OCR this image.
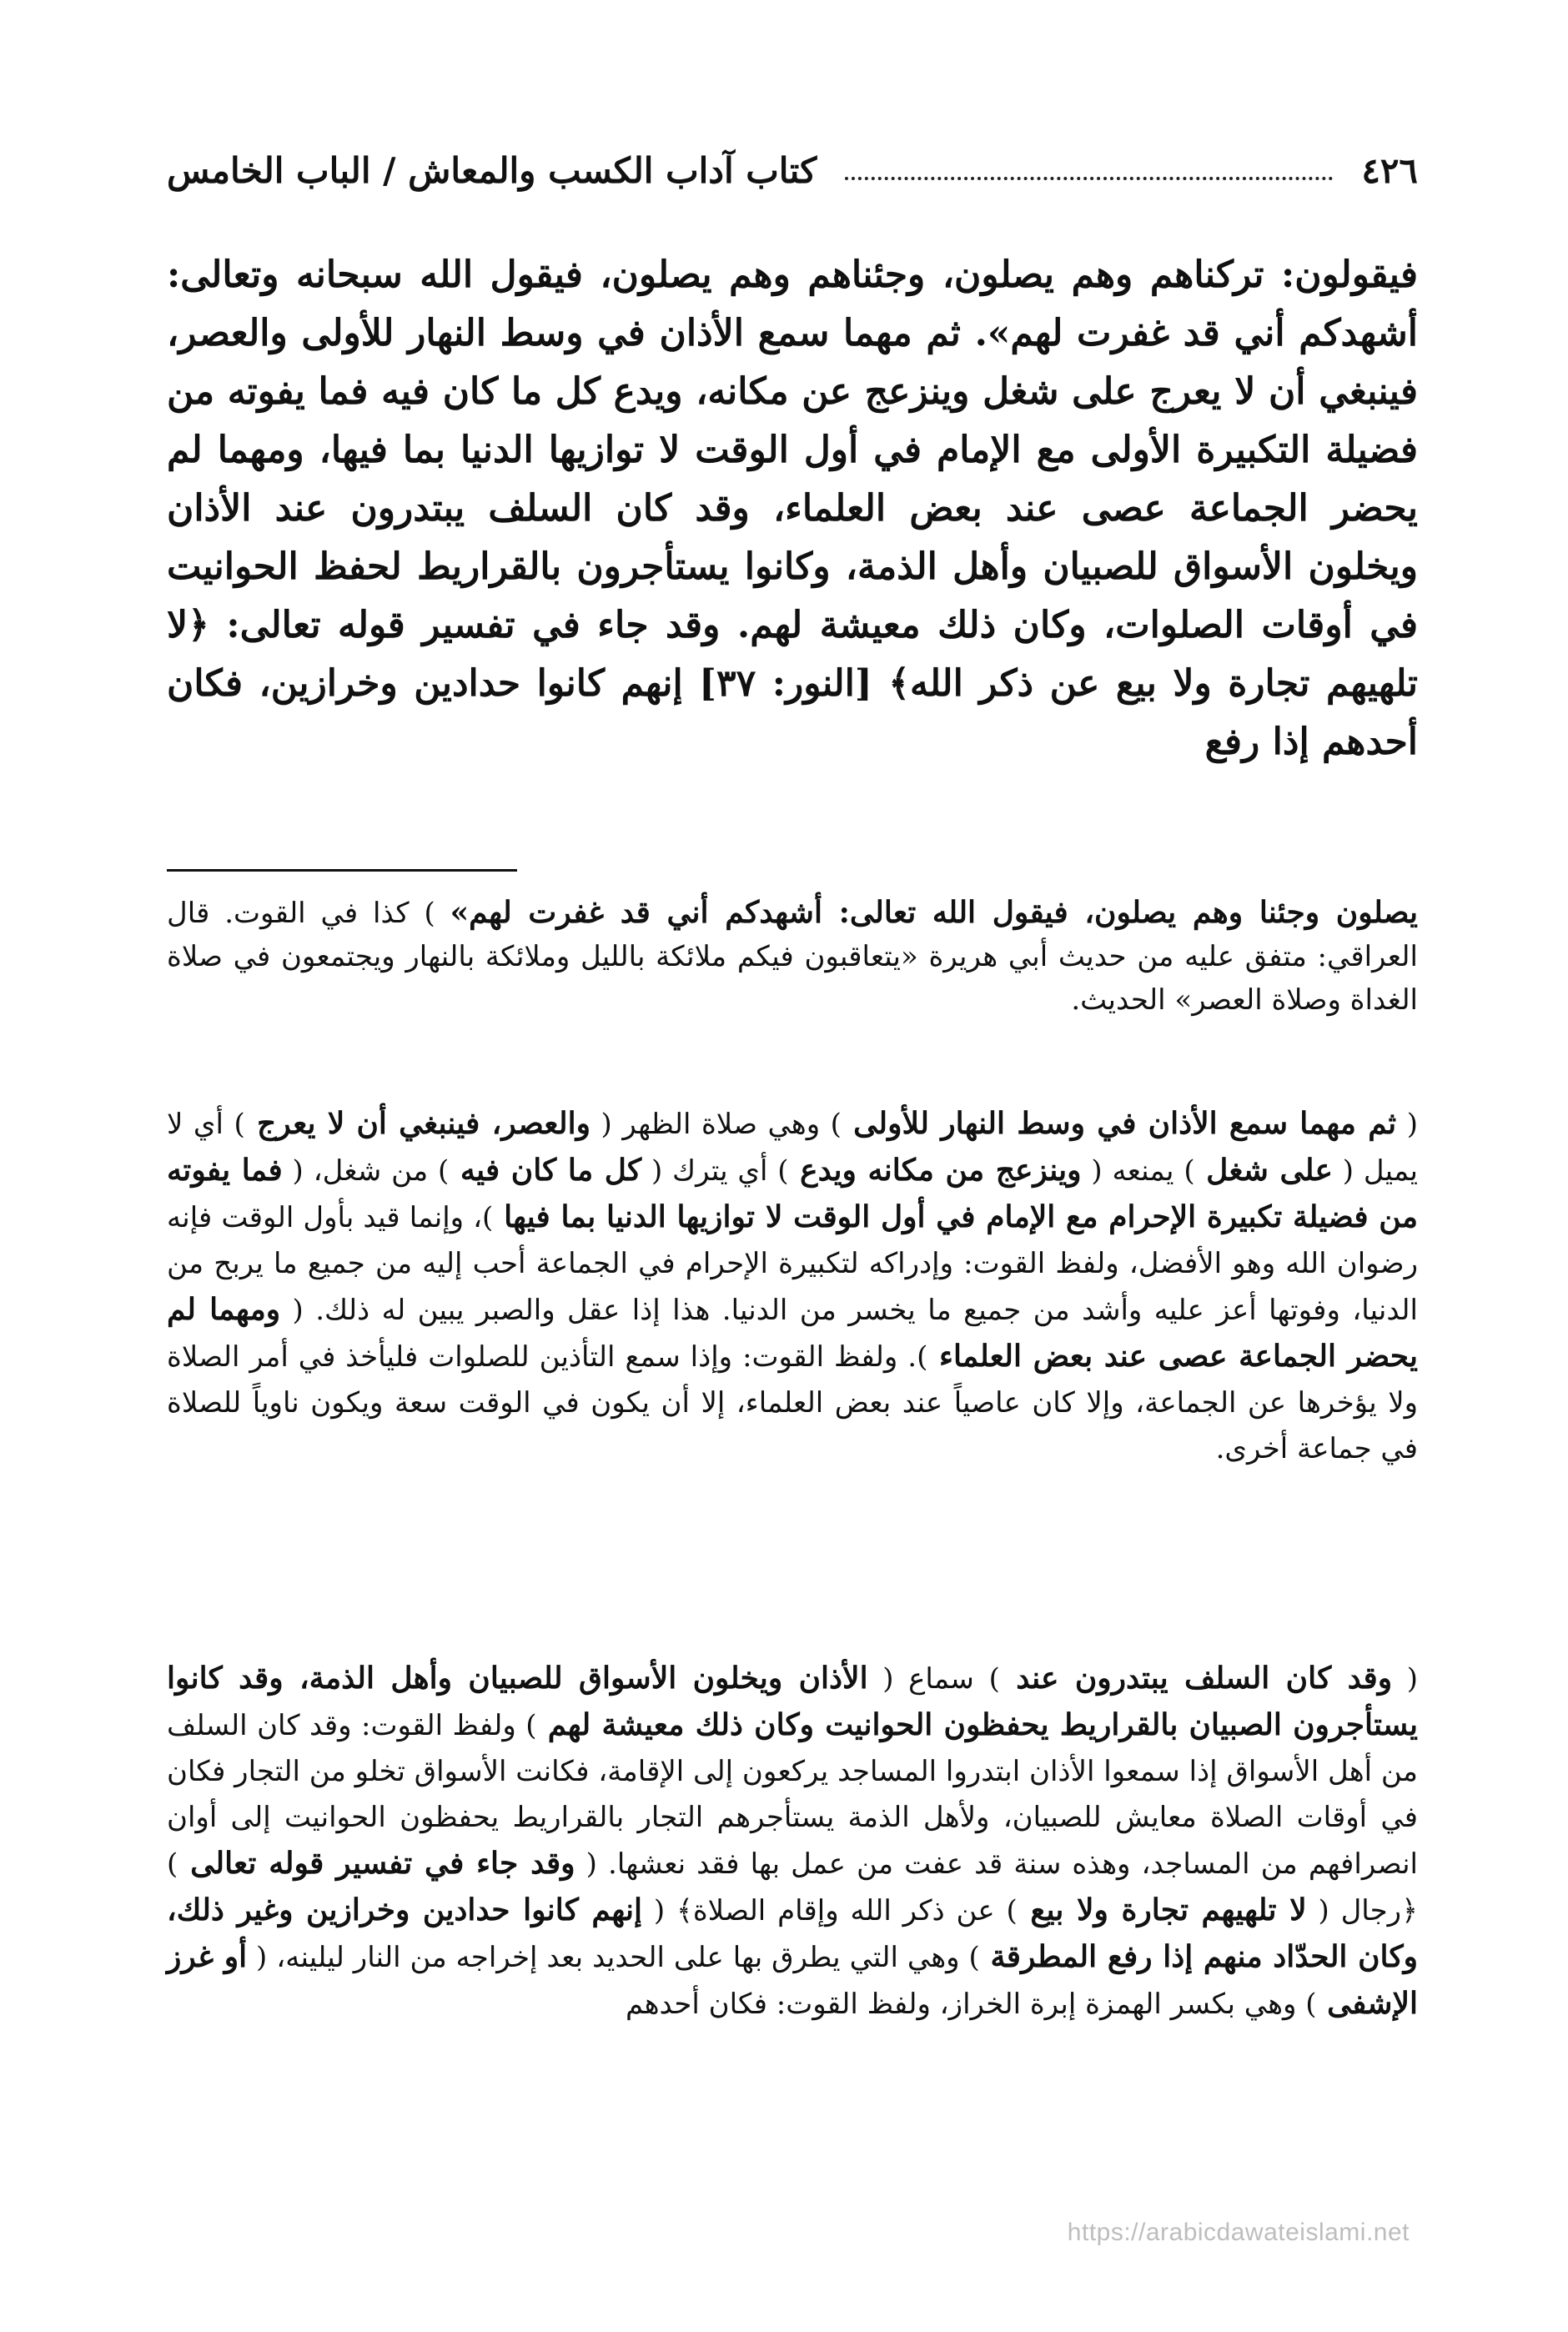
٤٢٦
كتاب آداب الكسب والمعاش / الباب الخامس

فيقولون: تركناهم وهم يصلون، وجئناهم وهم يصلون، فيقول الله سبحانه وتعالى: أشهدكم أني قد غفرت لهم». ثم مهما سمع الأذان في وسط النهار للأولى والعصر، فينبغي أن لا يعرج على شغل وينزعج عن مكانه، ويدع كل ما كان فيه فما يفوته من فضيلة التكبيرة الأولى مع الإمام في أول الوقت لا توازيها الدنيا بما فيها، ومهما لم يحضر الجماعة عصى عند بعض العلماء، وقد كان السلف يبتدرون عند الأذان ويخلون الأسواق للصبيان وأهل الذمة، وكانوا يستأجرون بالقراريط لحفظ الحوانيت في أوقات الصلوات، وكان ذلك معيشة لهم. وقد جاء في تفسير قوله تعالى: ﴿لا تلهيهم تجارة ولا بيع عن ذكر الله﴾ [النور: ٣٧] إنهم كانوا حدادين وخرازين، فكان أحدهم إذا رفع

يصلون وجئنا وهم يصلون، فيقول الله تعالى: أشهدكم أني قد غفرت لهم» ) كذا في القوت. قال العراقي: متفق عليه من حديث أبي هريرة «يتعاقبون فيكم ملائكة بالليل وملائكة بالنهار ويجتمعون في صلاة الغداة وصلاة العصر» الحديث.

( ثم مهما سمع الأذان في وسط النهار للأولى ) وهي صلاة الظهر ( والعصر، فينبغي أن لا يعرج ) أي لا يميل ( على شغل ) يمنعه ( وينزعج من مكانه ويدع ) أي يترك ( كل ما كان فيه ) من شغل، ( فما يفوته من فضيلة تكبيرة الإحرام مع الإمام في أول الوقت لا توازيها الدنيا بما فيها )، وإنما قيد بأول الوقت فإنه رضوان الله وهو الأفضل، ولفظ القوت: وإدراكه لتكبيرة الإحرام في الجماعة أحب إليه من جميع ما يربح من الدنيا، وفوتها أعز عليه وأشد من جميع ما يخسر من الدنيا. هذا إذا عقل والصبر يبين له ذلك. ( ومهما لم يحضر الجماعة عصى عند بعض العلماء ). ولفظ القوت: وإذا سمع التأذين للصلوات فليأخذ في أمر الصلاة ولا يؤخرها عن الجماعة، وإلا كان عاصياً عند بعض العلماء، إلا أن يكون في الوقت سعة ويكون ناوياً للصلاة في جماعة أخرى.

( وقد كان السلف يبتدرون عند ) سماع ( الأذان ويخلون الأسواق للصبيان وأهل الذمة، وقد كانوا يستأجرون الصبيان بالقراريط يحفظون الحوانيت وكان ذلك معيشة لهم ) ولفظ القوت: وقد كان السلف من أهل الأسواق إذا سمعوا الأذان ابتدروا المساجد يركعون إلى الإقامة، فكانت الأسواق تخلو من التجار فكان في أوقات الصلاة معايش للصبيان، ولأهل الذمة يستأجرهم التجار بالقراريط يحفظون الحوانيت إلى أوان انصرافهم من المساجد، وهذه سنة قد عفت من عمل بها فقد نعشها. ( وقد جاء في تفسير قوله تعالى ) ﴿رجال ( لا تلهيهم تجارة ولا بيع ) عن ذكر الله وإقام الصلاة﴾ ( إنهم كانوا حدادين وخرازين وغير ذلك، وكان الحدّاد منهم إذا رفع المطرقة ) وهي التي يطرق بها على الحديد بعد إخراجه من النار ليلينه، ( أو غرز الإشفى ) وهي بكسر الهمزة إبرة الخراز، ولفظ القوت: فكان أحدهم

https://arabicdawateislami.net
